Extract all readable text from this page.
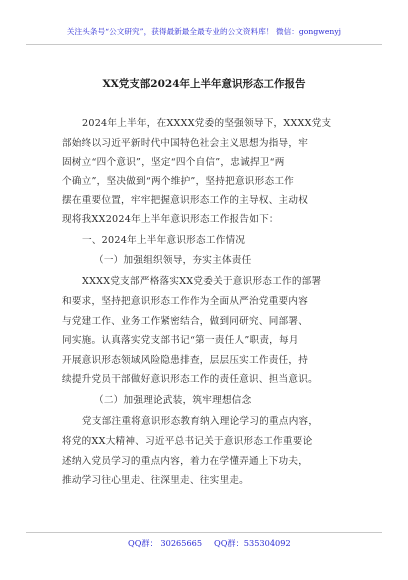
关注头条号“公文研究”，获得最新最全最专业的公文资料库！ 微信：gongwenyj
XX党支部2024年上半年意识形态工作报告
2024年上半年，在XXXX党委的坚强领导下，XXXX党支
部始终以习近平新时代中国特色社会主义思想为指导，牢
固树立“四个意识”，坚定“四个自信”，忠诚捍卫“两
个确立”，坚决做到“两个维护”，坚持把意识形态工作
摆在重要位置，牢牢把握意识形态工作的主导权、主动权
现将我XX2024年上半年意识形态工作报告如下：
一、2024年上半年意识形态工作情况
（一）加强组织领导，夯实主体责任
XXXX党支部严格落实XX党委关于意识形态工作的部署
和要求，坚持把意识形态工作作为全面从严治党重要内容
与党建工作、业务工作紧密结合，做到同研究、同部署、
同实施。认真落实党支部书记“第一责任人”职责，每月
开展意识形态领域风险隐患排查，层层压实工作责任，持
续提升党员干部做好意识形态工作的责任意识、担当意识。
（二）加强理论武装，筑牢理想信念
党支部注重将意识形态教育纳入理论学习的重点内容，
将党的XX大精神、习近平总书记关于意识形态工作重要论
述纳入党员学习的重点内容，着力在学懂弄通上下功夫，
推动学习往心里走、往深里走、往实里走。
QQ群： 30265665 QQ群：535304092
